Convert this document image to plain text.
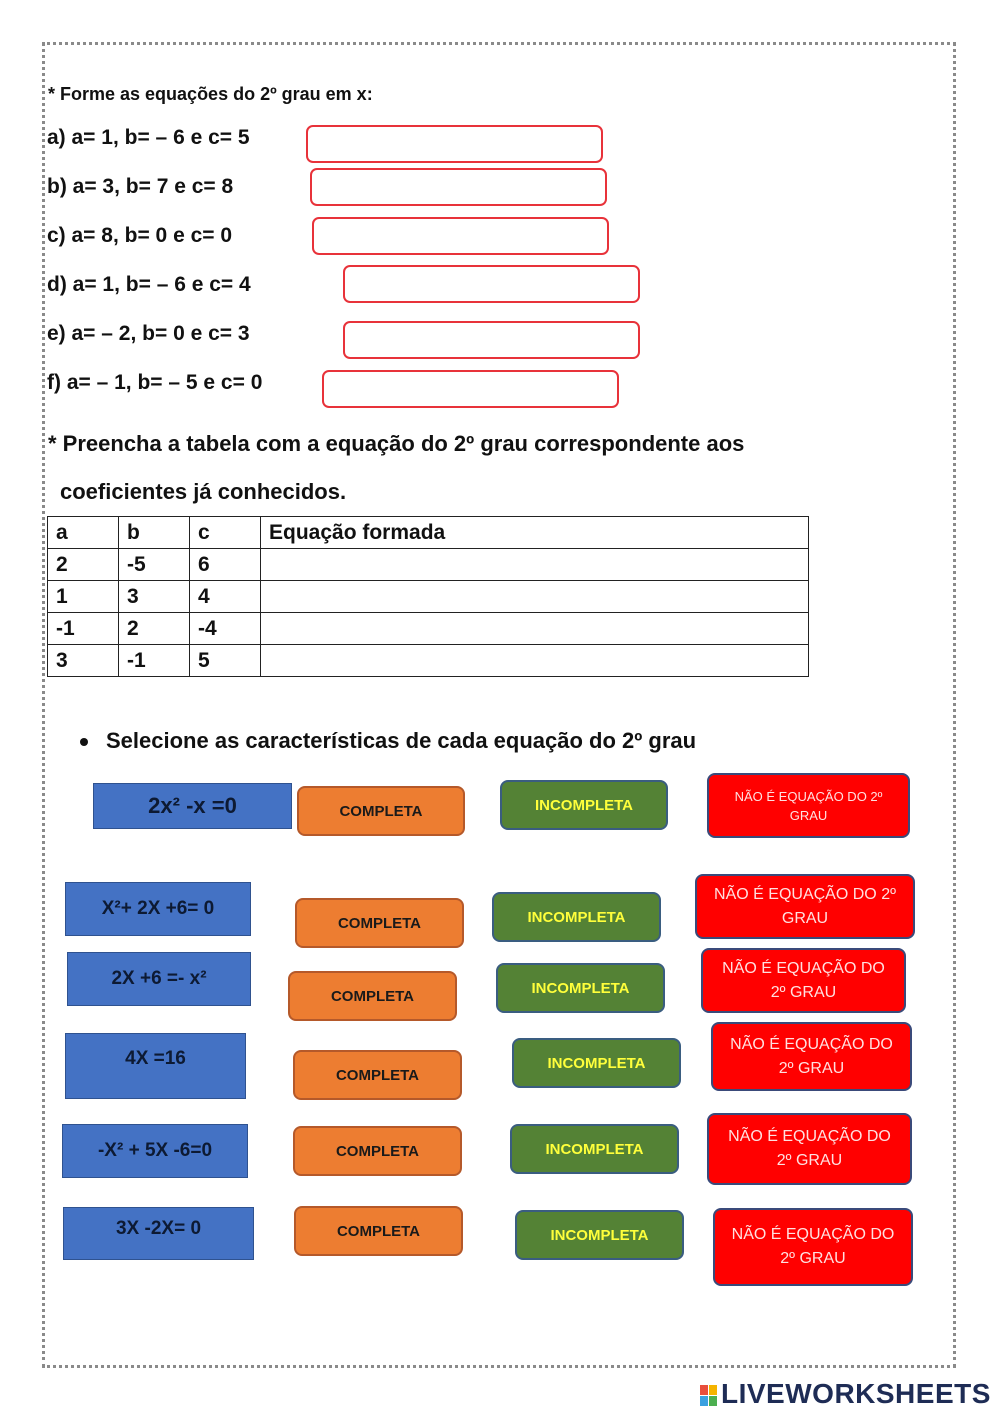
* Forme as equações do 2º grau em x:
a) a= 1, b= – 6 e c= 5
b) a= 3, b= 7 e c= 8
c) a= 8, b= 0 e c= 0
d) a= 1, b= – 6 e c= 4
e) a= – 2, b= 0 e c= 3
f) a= – 1, b= – 5 e c= 0
* Preencha a tabela com a equação do 2º grau correspondente aos
coeficientes já conhecidos.
a	b	c	Equação formada
2	-5	6	
1	3	4	
-1	2	-4	
3	-1	5	
Selecione as características de cada equação do 2º grau
2x² -x =0	COMPLETA	INCOMPLETA
NÃO É EQUAÇÃO DO 2º GRAU
X²+ 2X +6= 0
COMPLETA	INCOMPLETA
NÃO É EQUAÇÃO DO 2º GRAU
2X +6 =- x²
COMPLETA	INCOMPLETA
NÃO É EQUAÇÃO DO 2º GRAU
4X =16
COMPLETA
INCOMPLETA
NÃO É EQUAÇÃO DO 2º GRAU
-X² + 5X -6=0	COMPLETA	INCOMPLETA
NÃO É EQUAÇÃO DO 2º GRAU
3X -2X= 0	COMPLETA	INCOMPLETA	NÃO É EQUAÇÃO DO 2º GRAU
LIVEWORKSHEETS
